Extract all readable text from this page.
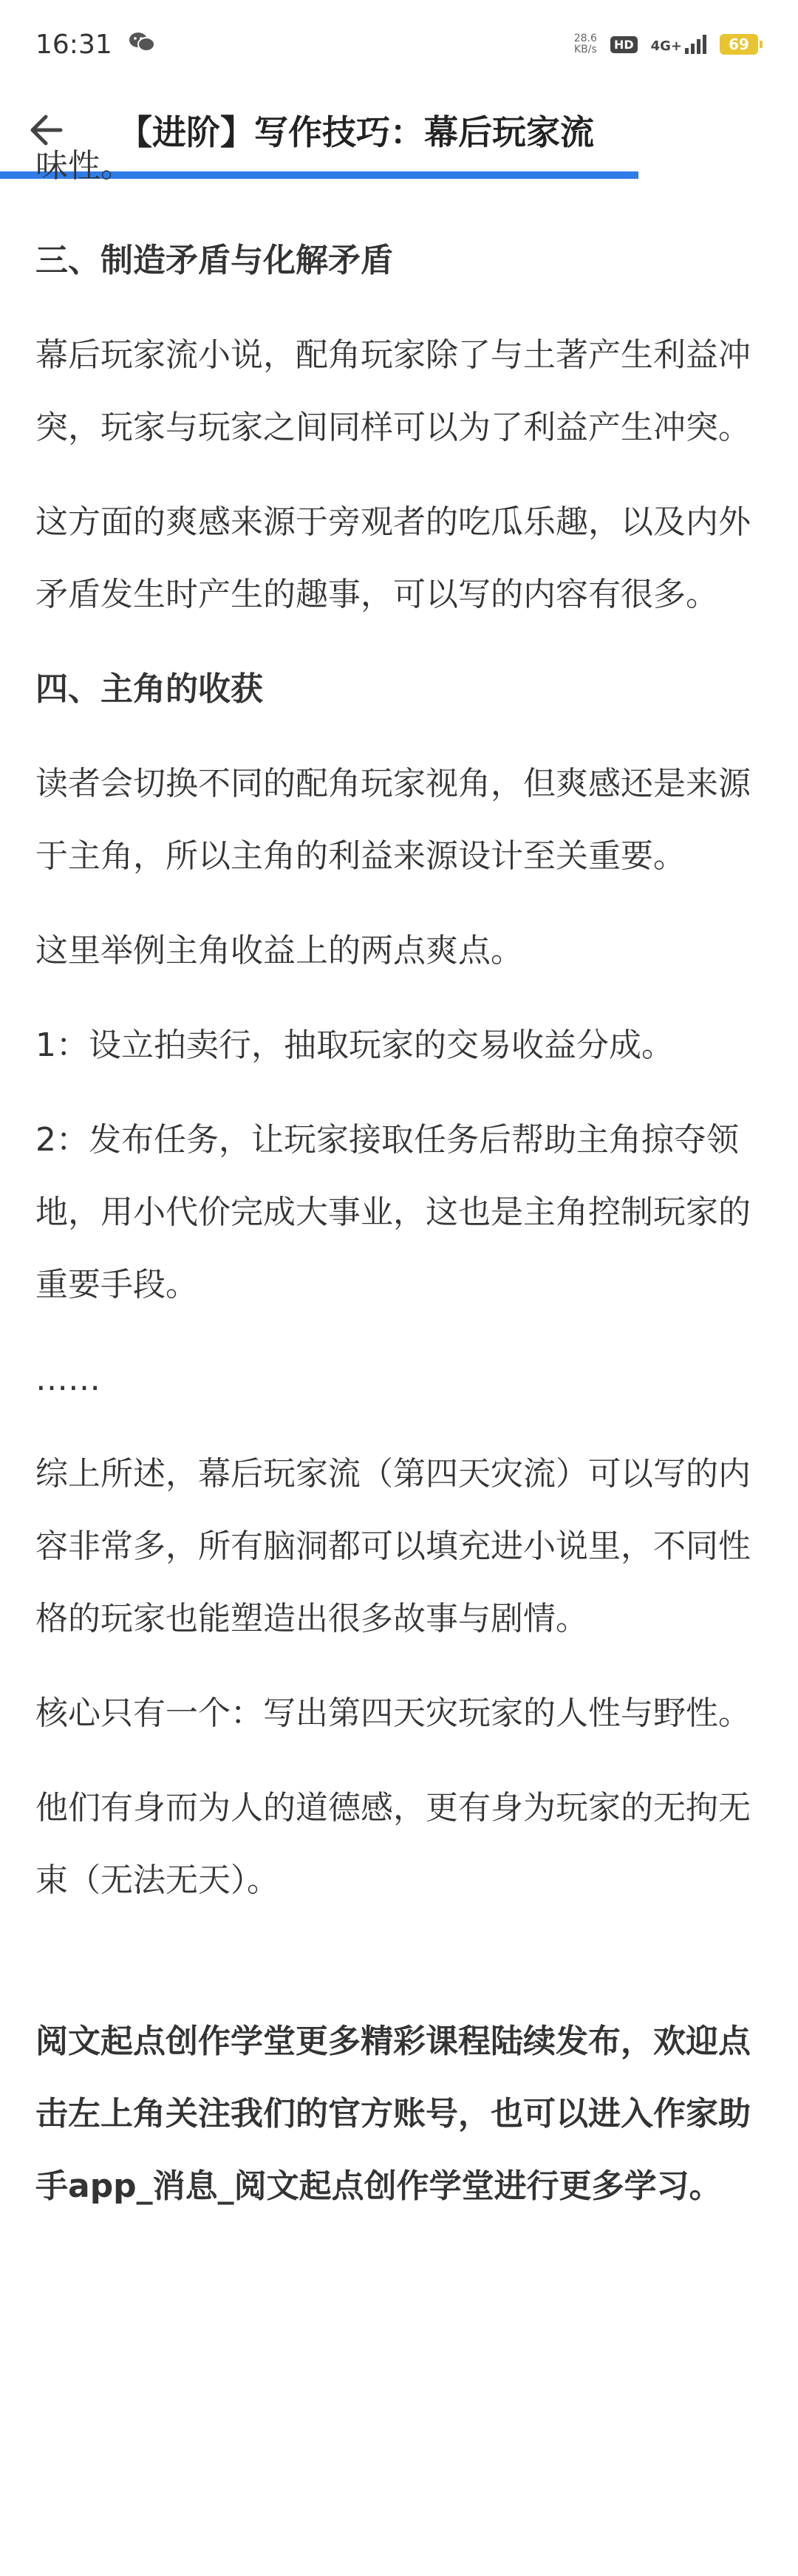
16:31	28.6
KB/s	HD 4G+	69
【进阶】写作技巧：幕后玩家流

味性。

三、制造矛盾与化解矛盾

幕后玩家流小说，配角玩家除了与土著产生利益冲突，玩家与玩家之间同样可以为了利益产生冲突。

这方面的爽感来源于旁观者的吃瓜乐趣，以及内外矛盾发生时产生的趣事，可以写的内容有很多。

四、主角的收获

读者会切换不同的配角玩家视角，但爽感还是来源于主角，所以主角的利益来源设计至关重要。

这里举例主角收益上的两点爽点。

1：设立拍卖行，抽取玩家的交易收益分成。

2：发布任务，让玩家接取任务后帮助主角掠夺领地，用小代价完成大事业，这也是主角控制玩家的重要手段。

……

综上所述，幕后玩家流（第四天灾流）可以写的内容非常多，所有脑洞都可以填充进小说里，不同性格的玩家也能塑造出很多故事与剧情。

核心只有一个：写出第四天灾玩家的人性与野性。

他们有身而为人的道德感，更有身为玩家的无拘无束（无法无天）。

阅文起点创作学堂更多精彩课程陆续发布，欢迎点击左上角关注我们的官方账号，也可以进入作家助手app_消息_阅文起点创作学堂进行更多学习。
